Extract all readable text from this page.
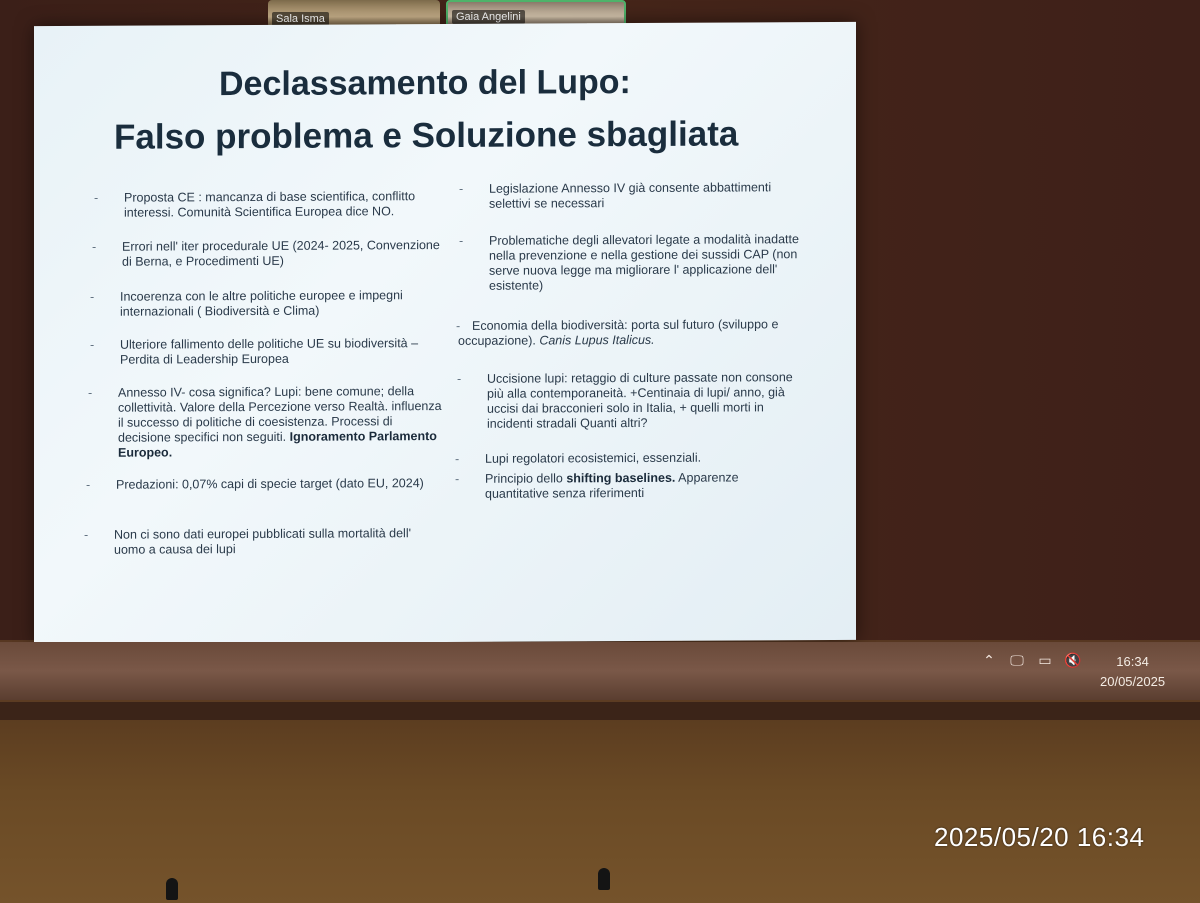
Sala Isma	Gaia Angelini
Declassamento del Lupo:
Falso problema e Soluzione sbagliata
- Proposta CE : mancanza di base scientifica, conflitto interessi. Comunità Scientifica Europea dice NO.
- Errori nell' iter procedurale UE (2024- 2025, Convenzione di Berna, e Procedimenti UE)
- Incoerenza con le altre politiche europee e impegni internazionali ( Biodiversità e Clima)
- Ulteriore fallimento delle politiche UE su biodiversità – Perdita di Leadership Europea
- Annesso IV- cosa significa? Lupi: bene comune; della collettività. Valore della Percezione verso Realtà. influenza il successo di politiche di coesistenza. Processi di decisione specifici non seguiti. Ignoramento Parlamento Europeo.
- Predazioni: 0,07% capi di specie target (dato EU, 2024)
- Non ci sono dati europei pubblicati sulla mortalità dell' uomo a causa dei lupi
- Legislazione Annesso IV già consente abbattimenti selettivi se necessari
- Problematiche degli allevatori legate a modalità inadatte nella prevenzione e nella gestione dei sussidi CAP (non serve nuova legge ma migliorare l' applicazione dell' esistente)
- Economia della biodiversità: porta sul futuro (sviluppo e occupazione). Canis Lupus Italicus.
- Uccisione lupi: retaggio di culture passate non consone più alla contemporaneità. +Centinaia di lupi/ anno, già uccisi dai bracconieri solo in Italia, + quelli morti in incidenti stradali Quanti altri?
- Lupi regolatori ecosistemici, essenziali.
- Principio dello shifting baselines. Apparenze quantitative senza riferimenti
⌃ 🖵 ▭ 🔇	16:34
20/05/2025
2025/05/20 16:34
